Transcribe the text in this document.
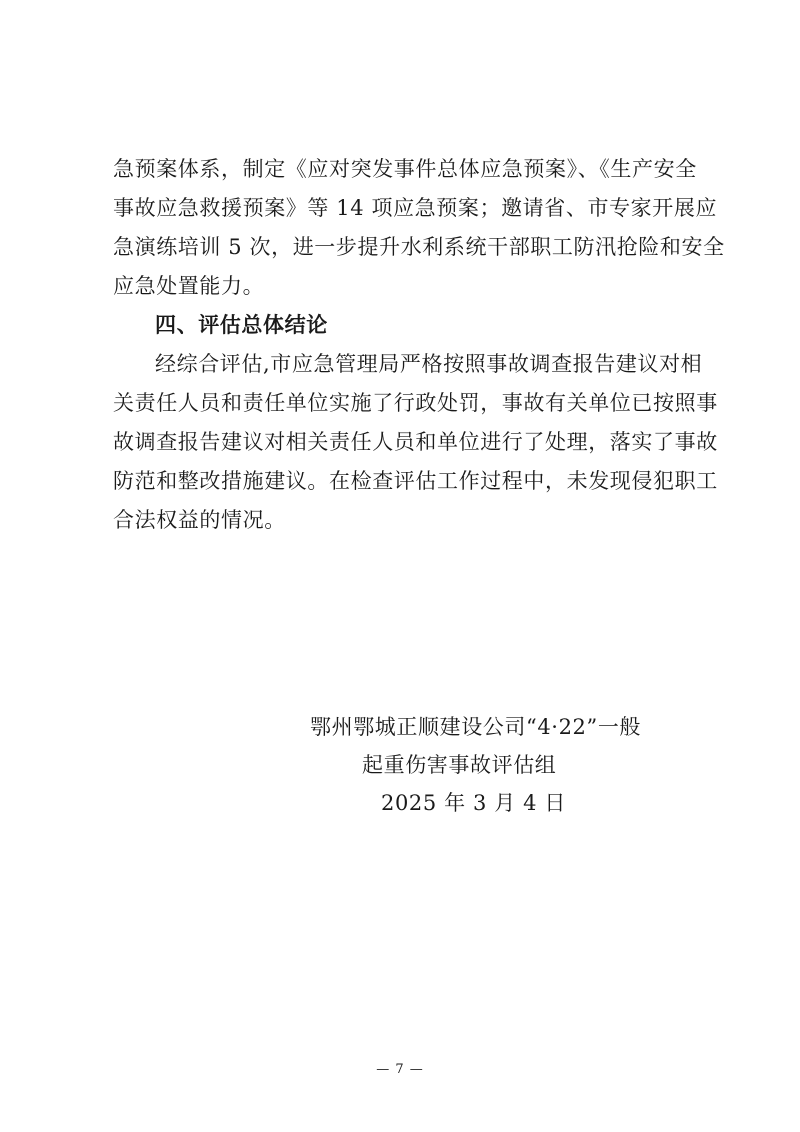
急预案体系，制定《应对突发事件总体应急预案》、《生产安全
事故应急救援预案》等 14 项应急预案；邀请省、市专家开展应
急演练培训 5 次，进一步提升水利系统干部职工防汛抢险和安全
应急处置能力。
四、评估总体结论
经综合评估,市应急管理局严格按照事故调查报告建议对相
关责任人员和责任单位实施了行政处罚，事故有关单位已按照事
故调查报告建议对相关责任人员和单位进行了处理，落实了事故
防范和整改措施建议。在检查评估工作过程中，未发现侵犯职工
合法权益的情况。
鄂州鄂城正顺建设公司“4·22”一般
起重伤害事故评估组
2025 年 3 月 4 日
— 7 —
